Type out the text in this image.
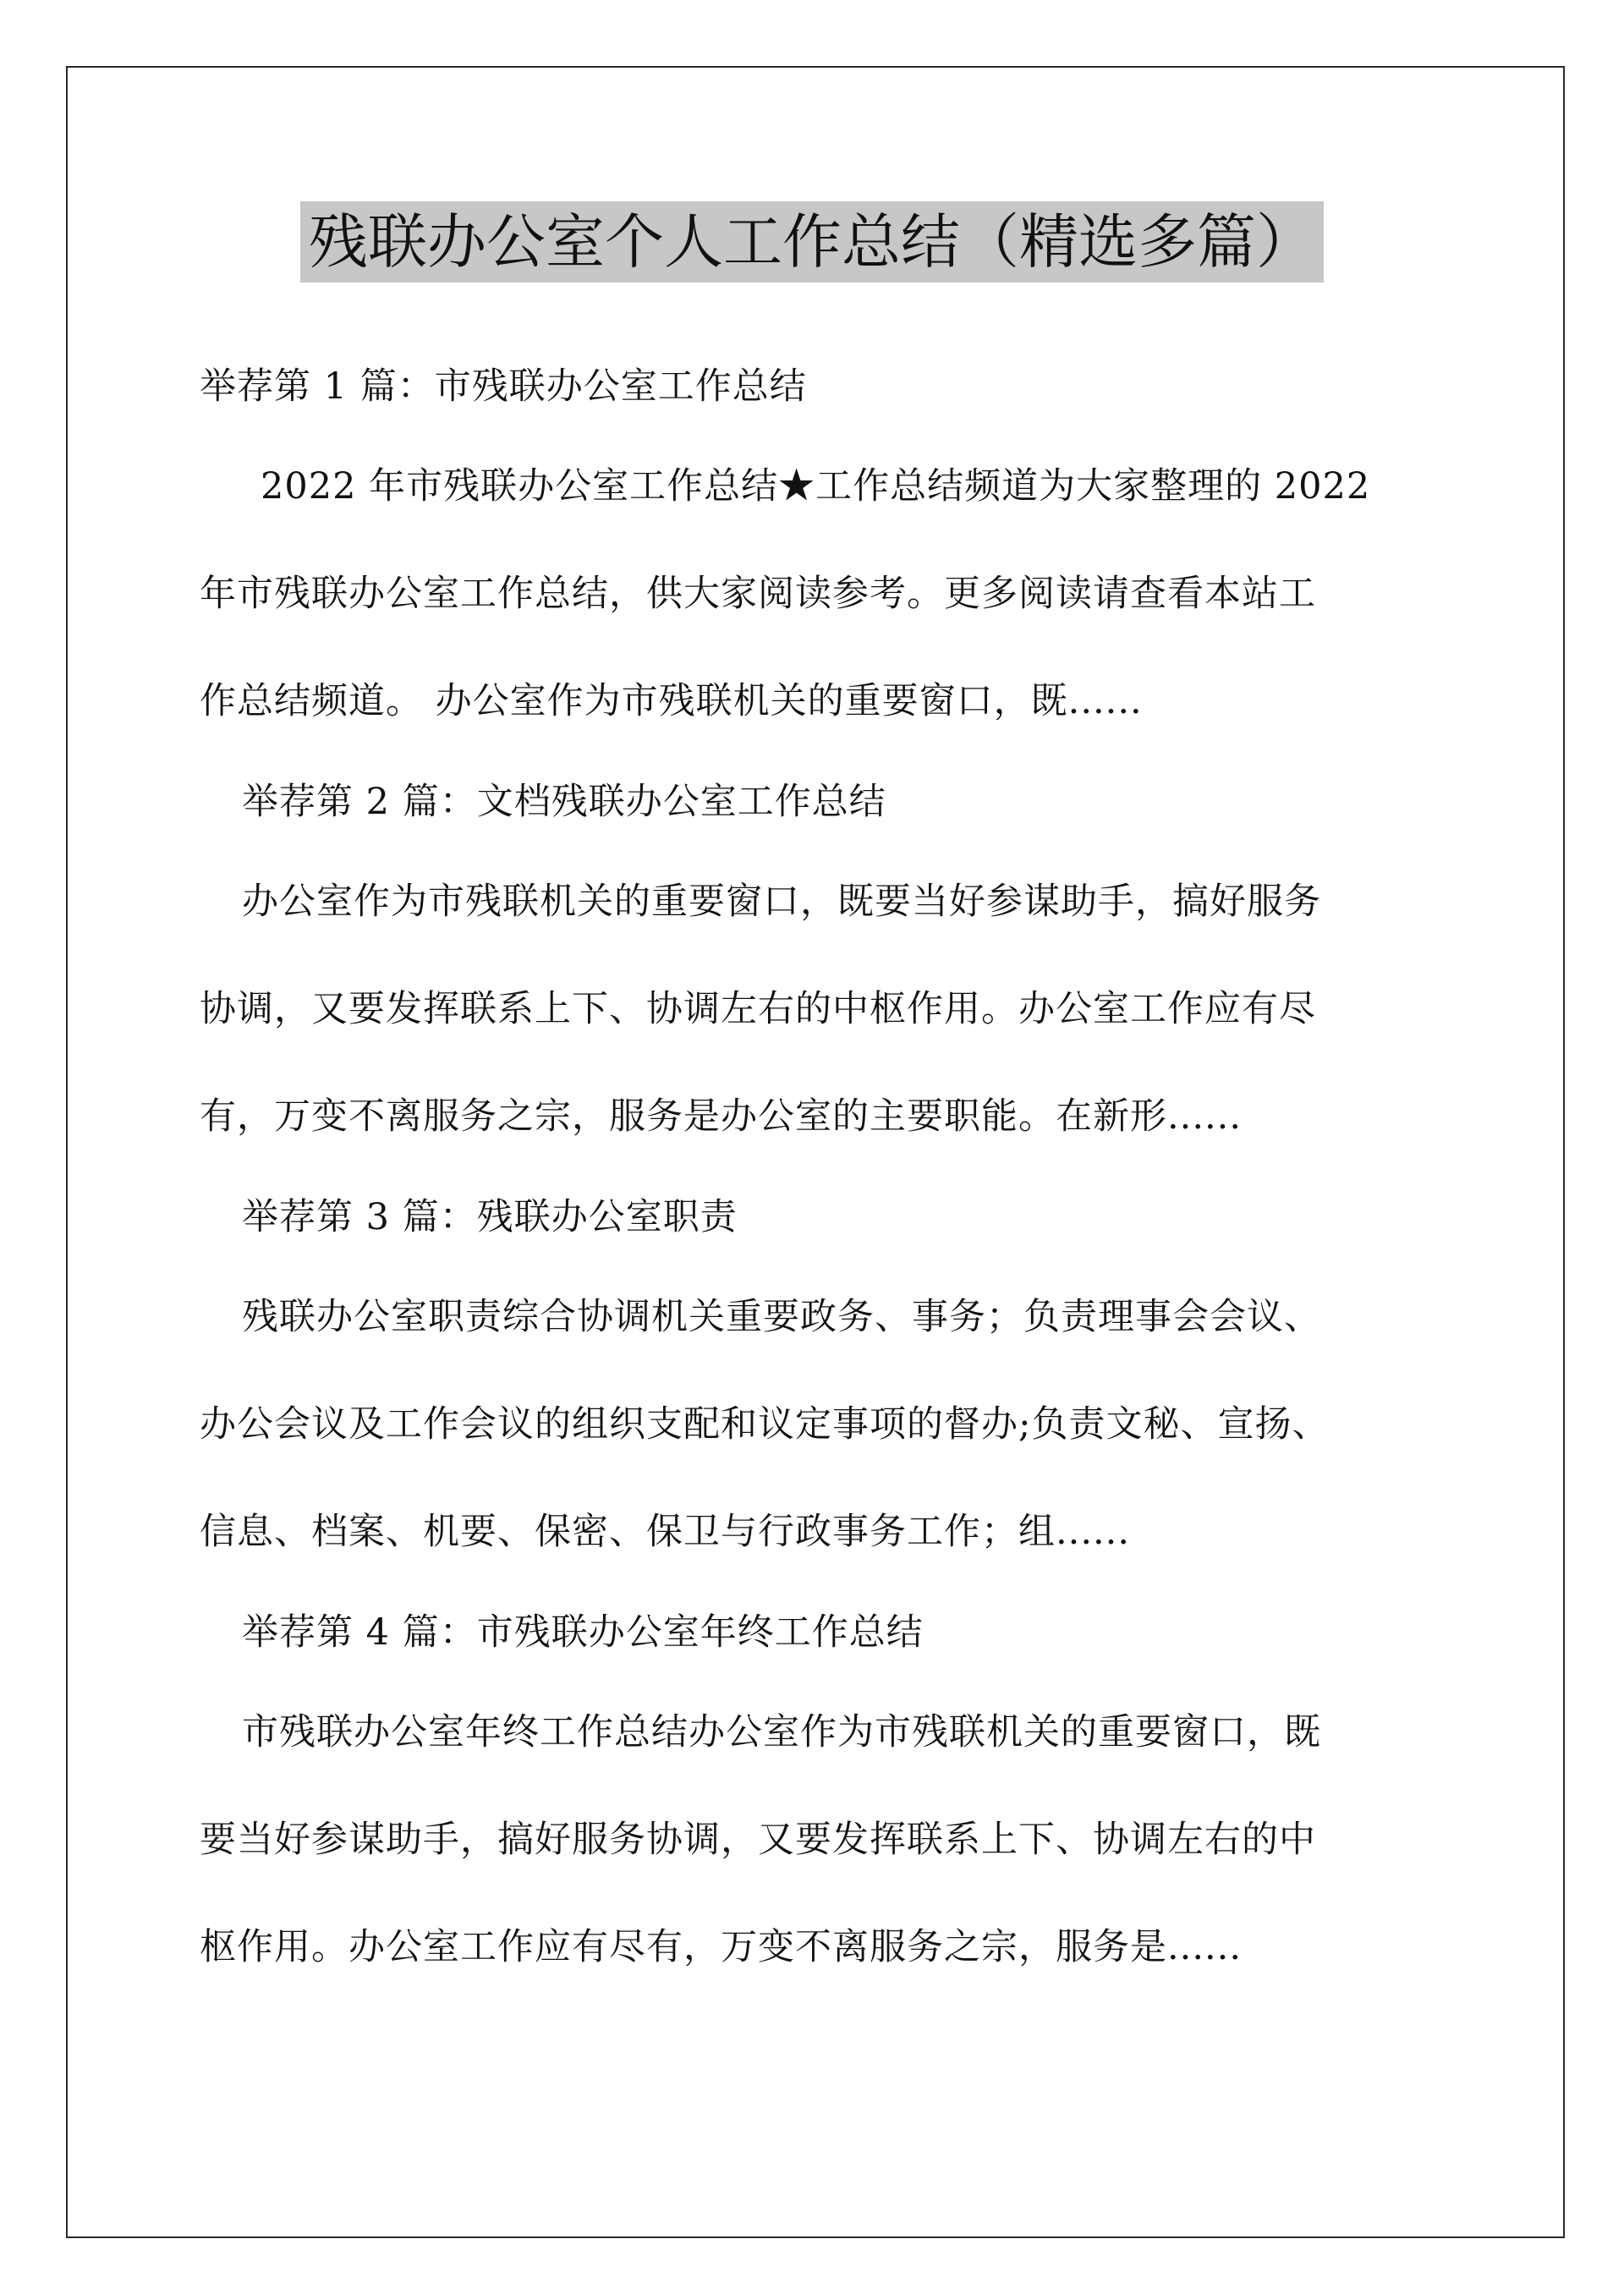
残联办公室个人工作总结（精选多篇）
举荐第 1 篇：市残联办公室工作总结
2022 年市残联办公室工作总结★工作总结频道为大家整理的 2022
年市残联办公室工作总结，供大家阅读参考。更多阅读请查看本站工
作总结频道。 办公室作为市残联机关的重要窗口，既......
举荐第 2 篇：文档残联办公室工作总结
办公室作为市残联机关的重要窗口，既要当好参谋助手，搞好服务
协调，又要发挥联系上下、协调左右的中枢作用。办公室工作应有尽
有，万变不离服务之宗，服务是办公室的主要职能。在新形......
举荐第 3 篇：残联办公室职责
残联办公室职责综合协调机关重要政务、事务；负责理事会会议、
办公会议及工作会议的组织支配和议定事项的督办;负责文秘、宣扬、
信息、档案、机要、保密、保卫与行政事务工作；组......
举荐第 4 篇：市残联办公室年终工作总结
市残联办公室年终工作总结办公室作为市残联机关的重要窗口，既
要当好参谋助手，搞好服务协调，又要发挥联系上下、协调左右的中
枢作用。办公室工作应有尽有，万变不离服务之宗，服务是......
